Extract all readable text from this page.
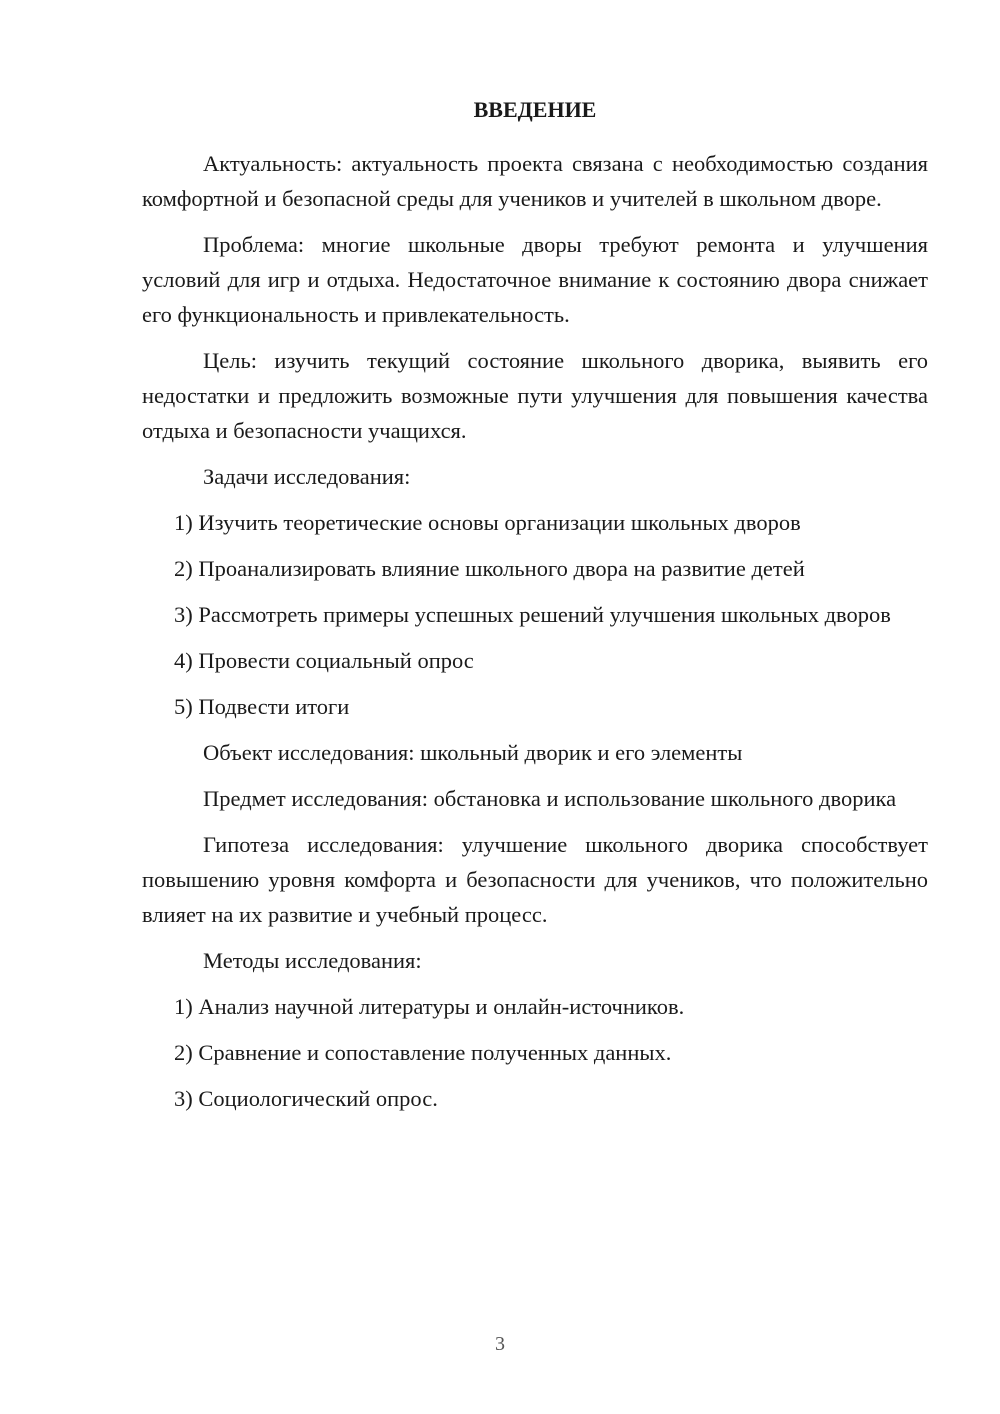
ВВЕДЕНИЕ

Актуальность: актуальность проекта связана с необходимостью создания комфортной и безопасной среды для учеников и учителей в школьном дворе.

Проблема: многие школьные дворы требуют ремонта и улучшения условий для игр и отдыха. Недостаточное внимание к состоянию двора снижает его функциональность и привлекательность.

Цель: изучить текущий состояние школьного дворика, выявить его недостатки и предложить возможные пути улучшения для повышения качества отдыха и безопасности учащихся.

Задачи исследования:

1) Изучить теоретические основы организации школьных дворов

2) Проанализировать влияние школьного двора на развитие детей

3) Рассмотреть примеры успешных решений улучшения школьных дворов

4) Провести социальный опрос

5) Подвести итоги

Объект исследования: школьный дворик и его элементы

Предмет исследования: обстановка и использование школьного дворика

Гипотеза исследования: улучшение школьного дворика способствует повышению уровня комфорта и безопасности для учеников, что положительно влияет на их развитие и учебный процесс.

Методы исследования:

1) Анализ научной литературы и онлайн-источников.

2) Сравнение и сопоставление полученных данных.

3) Социологический опрос.

3
